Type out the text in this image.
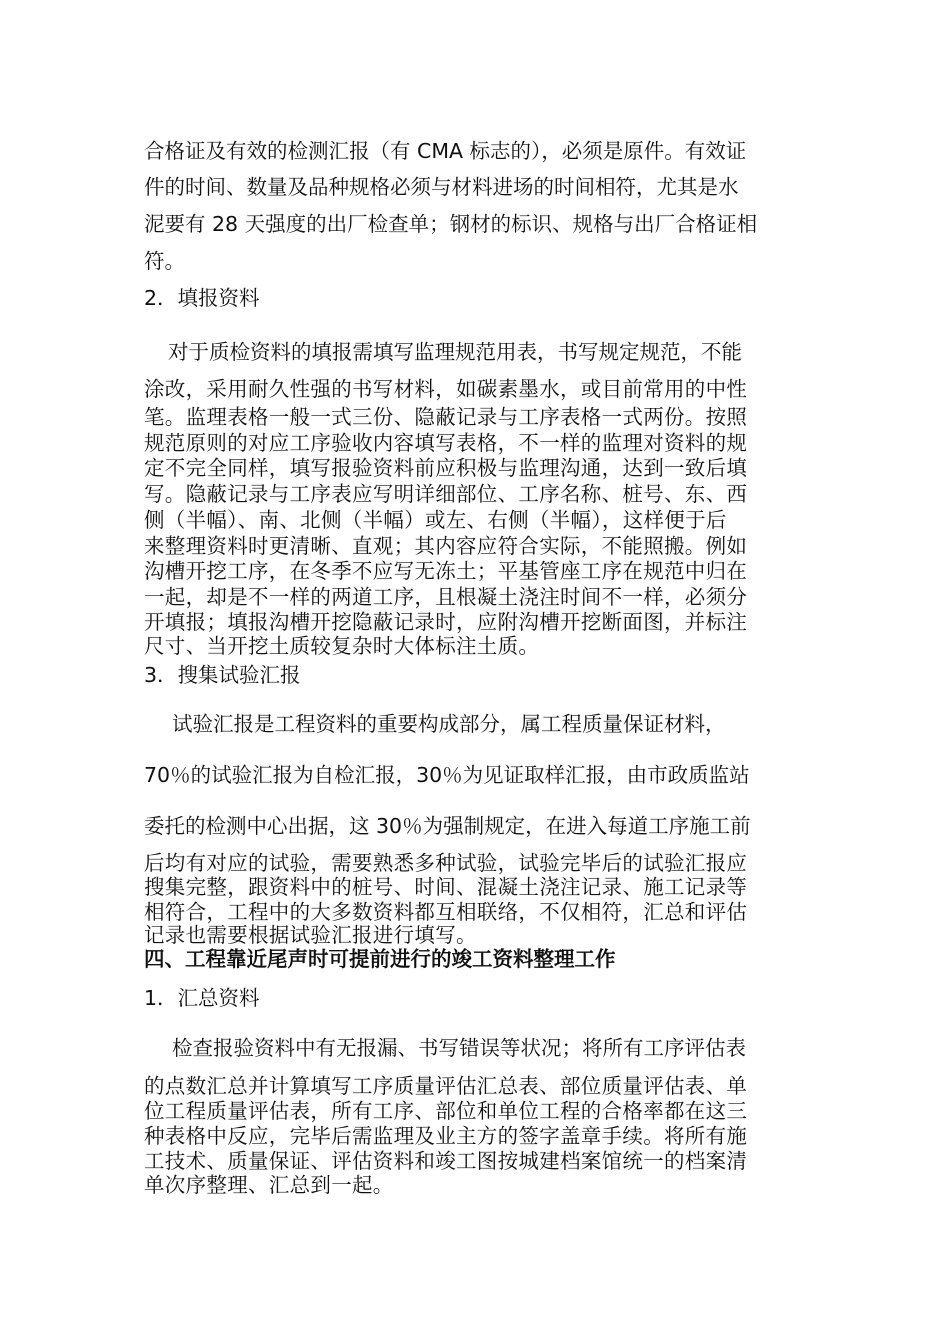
合格证及有效的检测汇报（有 CMA 标志的），必须是原件。有效证

件的时间、数量及品种规格必须与材料进场的时间相符，尤其是水

泥要有 28 天强度的出厂检查单；钢材的标识、规格与出厂合格证相

符。

2．填报资料

对于质检资料的填报需填写监理规范用表，书写规定规范，不能

涂改，采用耐久性强的书写材料，如碳素墨水，或目前常用的中性

笔。监理表格一般一式三份、隐蔽记录与工序表格一式两份。按照

规范原则的对应工序验收内容填写表格，不一样的监理对资料的规

定不完全同样，填写报验资料前应积极与监理沟通，达到一致后填

写。隐蔽记录与工序表应写明详细部位、工序名称、桩号、东、西

侧（半幅）、南、北侧（半幅）或左、右侧（半幅），这样便于后

来整理资料时更清晰、直观；其内容应符合实际，不能照搬。例如

沟槽开挖工序，在冬季不应写无冻土；平基管座工序在规范中归在

一起，却是不一样的两道工序，且根凝土浇注时间不一样，必须分

开填报；填报沟槽开挖隐蔽记录时，应附沟槽开挖断面图，并标注

尺寸、当开挖土质较复杂时大体标注土质。

3．搜集试验汇报

试验汇报是工程资料的重要构成部分，属工程质量保证材料，

70％的试验汇报为自检汇报，30％为见证取样汇报，由市政质监站

委托的检测中心出据，这 30％为强制规定，在进入每道工序施工前

后均有对应的试验，需要熟悉多种试验，试验完毕后的试验汇报应

搜集完整，跟资料中的桩号、时间、混凝土浇注记录、施工记录等

相符合，工程中的大多数资料都互相联络，不仅相符，汇总和评估

记录也需要根据试验汇报进行填写。

四、工程靠近尾声时可提前进行的竣工资料整理工作

1．汇总资料

检查报验资料中有无报漏、书写错误等状况；将所有工序评估表

的点数汇总并计算填写工序质量评估汇总表、部位质量评估表、单

位工程质量评估表，所有工序、部位和单位工程的合格率都在这三

种表格中反应，完毕后需监理及业主方的签字盖章手续。将所有施

工技术、质量保证、评估资料和竣工图按城建档案馆统一的档案清

单次序整理、汇总到一起。
